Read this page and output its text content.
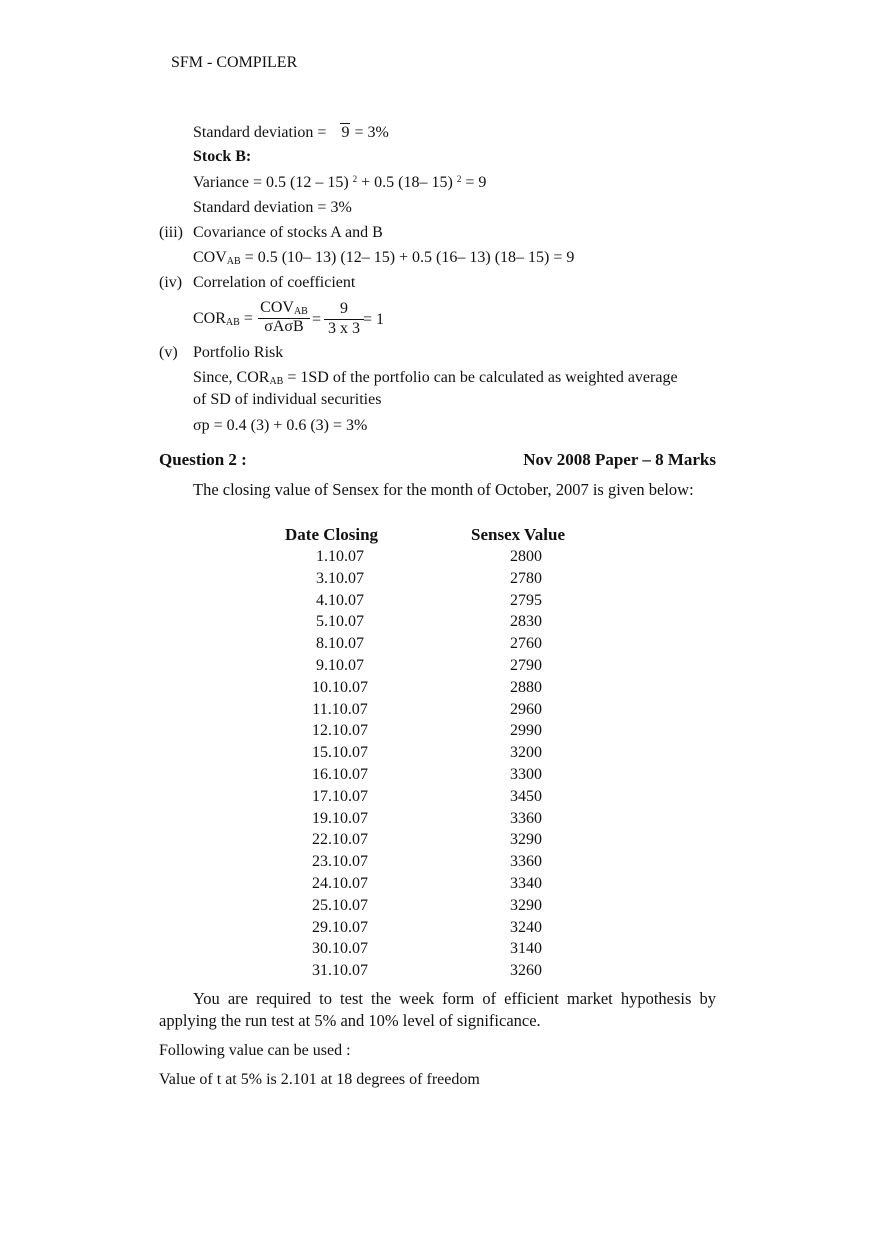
SFM - COMPILER
Standard deviation = 9 = 3%
Stock B:
Variance = 0.5 (12 – 15) $^2$ + 0.5 (18– 15) $^2$ = 9
Standard deviation = 3%
(iii) Covariance of stocks A and B
$COV_{AB} = 0.5$ (10– 13) (12– 15) + 0.5 (16– 13) (18– 15) = 9
(iv) Correlation of coefficient
$COR_{AB}$ =
$COV_{AB}$
σAσB =
9
3 x 3
= 1
(v) Portfolio Risk
Since, $COR_{AB} = 1SD$ of the portfolio can be calculated as weighted average
of SD of individual securities
σp = 0.4 (3) + 0.6 (3) = 3%
Question 2 :	Nov 2008 Paper – 8 Marks
The closing value of Sensex for the month of October, 2007 is given below:
Date Closing	Sensex Value
1.10.07	2800
3.10.07	2780
4.10.07	2795
5.10.07	2830
8.10.07	2760
9.10.07	2790
10.10.07	2880
11.10.07	2960
12.10.07	2990
15.10.07	3200
16.10.07	3300
17.10.07	3450
19.10.07	3360
22.10.07	3290
23.10.07	3360
24.10.07	3340
25.10.07	3290
29.10.07	3240
30.10.07	3140
31.10.07	3260
You are required to test the week form of efficient market hypothesis by applying the run test at 5% and 10% level of significance.
Following value can be used :
Value of t at 5% is 2.101 at 18 degrees of freedom
